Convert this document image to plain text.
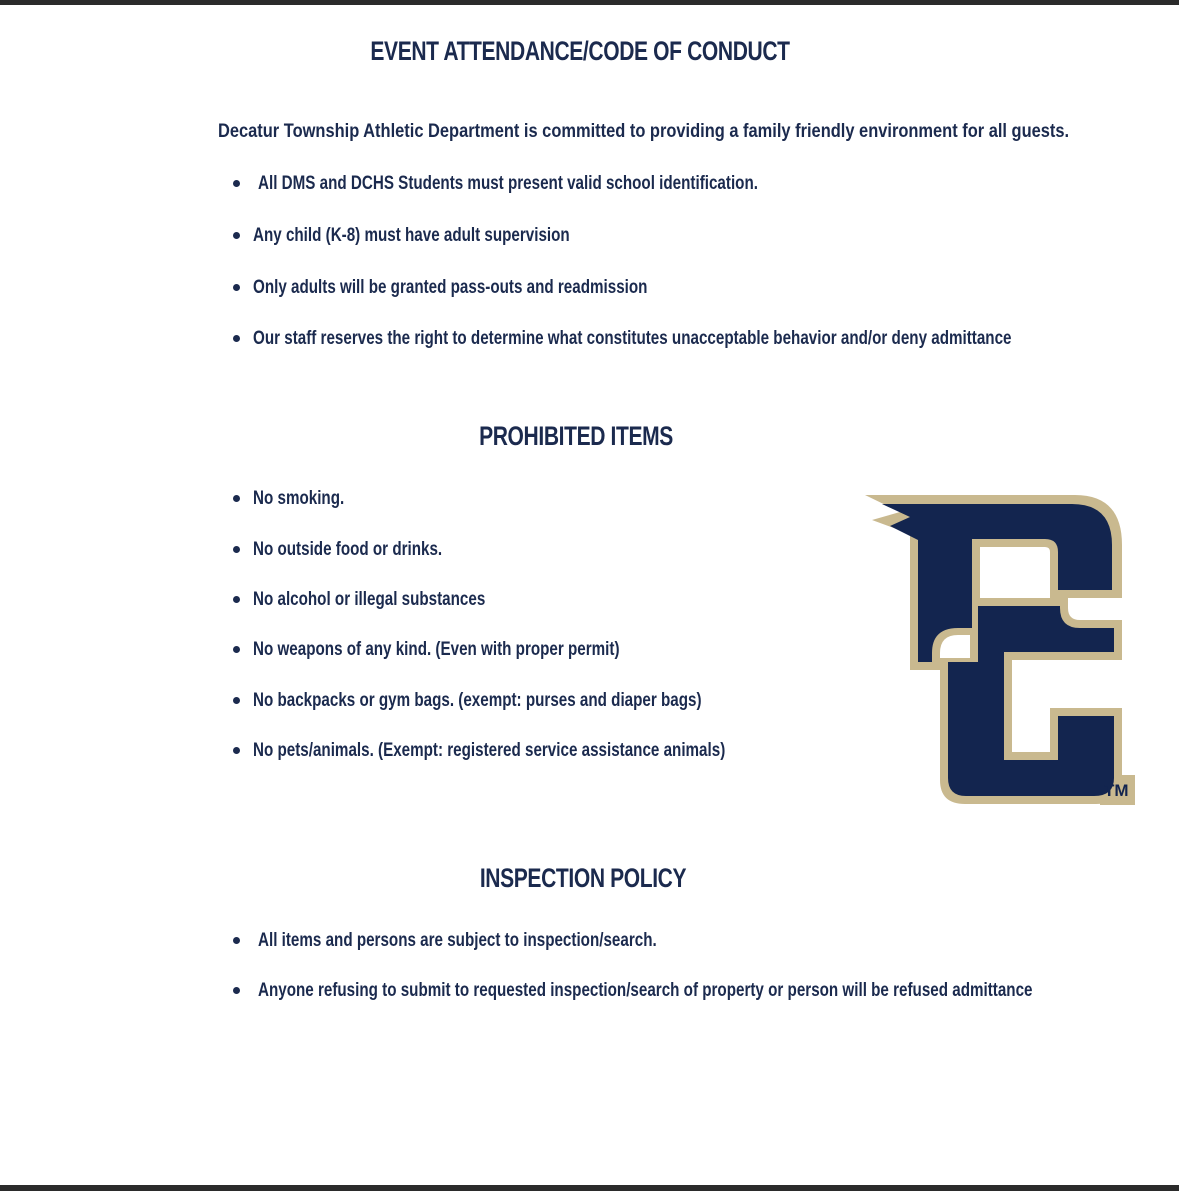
EVENT ATTENDANCE/CODE OF CONDUCT

Decatur Township Athletic Department is committed to providing a family friendly environment for all guests.

All DMS and DCHS Students must present valid school identification.
Any child (K-8) must have adult supervision
Only adults will be granted pass-outs and readmission
Our staff reserves the right to determine what constitutes unacceptable behavior and/or deny admittance
PROHIBITED ITEMS
No smoking.
No outside food or drinks.
No alcohol or illegal substances
No weapons of any kind. (Even with proper permit)
No backpacks or gym bags. (exempt: purses and diaper bags)
No pets/animals. (Exempt: registered service assistance animals)
TM
INSPECTION POLICY
All items and persons are subject to inspection/search.
Anyone refusing to submit to requested inspection/search of property or person will be refused admittance
